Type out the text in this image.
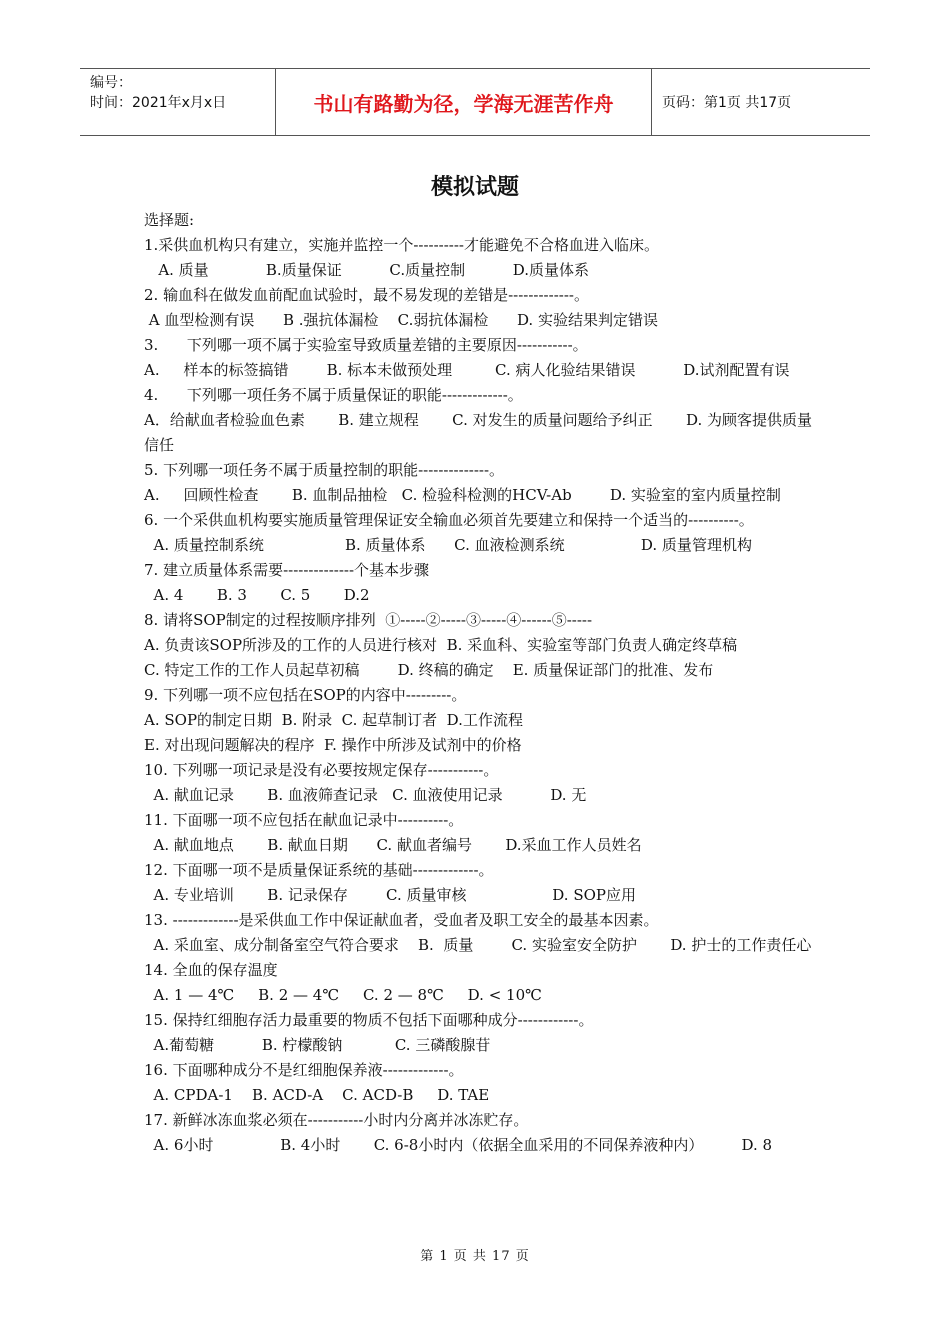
编号：
时间：2021年x月x日	书山有路勤为径，学海无涯苦作舟	页码：第1页 共17页
模拟试题
选择题:
1.采供血机构只有建立，实施并监控一个----------才能避免不合格血进入临床。
A. 质量            B.质量保证          C.质量控制          D.质量体系
2. 输血科在做发血前配血试验时，最不易发现的差错是-------------。
A 血型检测有误      B .强抗体漏检    C.弱抗体漏检      D. 实验结果判定错误
3.      下列哪一项不属于实验室导致质量差错的主要原因-----------。
A.     样本的标签搞错        B. 标本未做预处理         C. 病人化验结果错误          D.试剂配置有误
4.      下列哪一项任务不属于质量保证的职能-------------。
A．给献血者检验血色素       B. 建立规程       C. 对发生的质量问题给予纠正       D. 为顾客提供质量信任
5. 下列哪一项任务不属于质量控制的职能--------------。
A.     回顾性检查       B. 血制品抽检   C. 检验科检测的HCV-Ab        D. 实验室的室内质量控制
6. 一个采供血机构要实施质量管理保证安全输血必须首先要建立和保持一个适当的----------。
A. 质量控制系统                 B. 质量体系      C. 血液检测系统                D. 质量管理机构
7. 建立质量体系需要--------------个基本步骤
A. 4       B. 3       C. 5       D.2
8. 请将SOP制定的过程按顺序排列  ①-----②-----③-----④------⑤-----
A. 负责该SOP所涉及的工作的人员进行核对  B. 采血科、实验室等部门负责人确定终草稿
C. 特定工作的工作人员起草初稿        D. 终稿的确定    E. 质量保证部门的批准、发布
9. 下列哪一项不应包括在SOP的内容中---------。
A. SOP的制定日期  B. 附录  C. 起草制订者  D.工作流程
E. 对出现问题解决的程序  F. 操作中所涉及试剂中的价格
10. 下列哪一项记录是没有必要按规定保存-----------。
A. 献血记录       B. 血液筛查记录   C. 血液使用记录          D. 无
11. 下面哪一项不应包括在献血记录中----------。
A. 献血地点       B. 献血日期      C. 献血者编号       D.采血工作人员姓名
12. 下面哪一项不是质量保证系统的基础-------------。
A. 专业培训       B. 记录保存        C. 质量审核                  D. SOP应用
13. -------------是采供血工作中保证献血者，受血者及职工安全的最基本因素。
A. 采血室、成分制备室空气符合要求    B.  质量        C. 实验室安全防护       D. 护士的工作责任心
14. 全血的保存温度
A. 1 — 4℃     B. 2 — 4℃     C. 2 — 8℃     D. < 10℃
15. 保持红细胞存活力最重要的物质不包括下面哪种成分------------。
A.葡萄糖          B. 柠檬酸钠           C. 三磷酸腺苷
16. 下面哪种成分不是红细胞保养液-------------。
A. CPDA-1    B. ACD-A    C. ACD-B     D. TAE
17. 新鲜冰冻血浆必须在-----------小时内分离并冰冻贮存。
A. 6小时              B. 4小时       C. 6-8小时内（依据全血采用的不同保养液种内）        D. 8
第 1 页 共 17 页
